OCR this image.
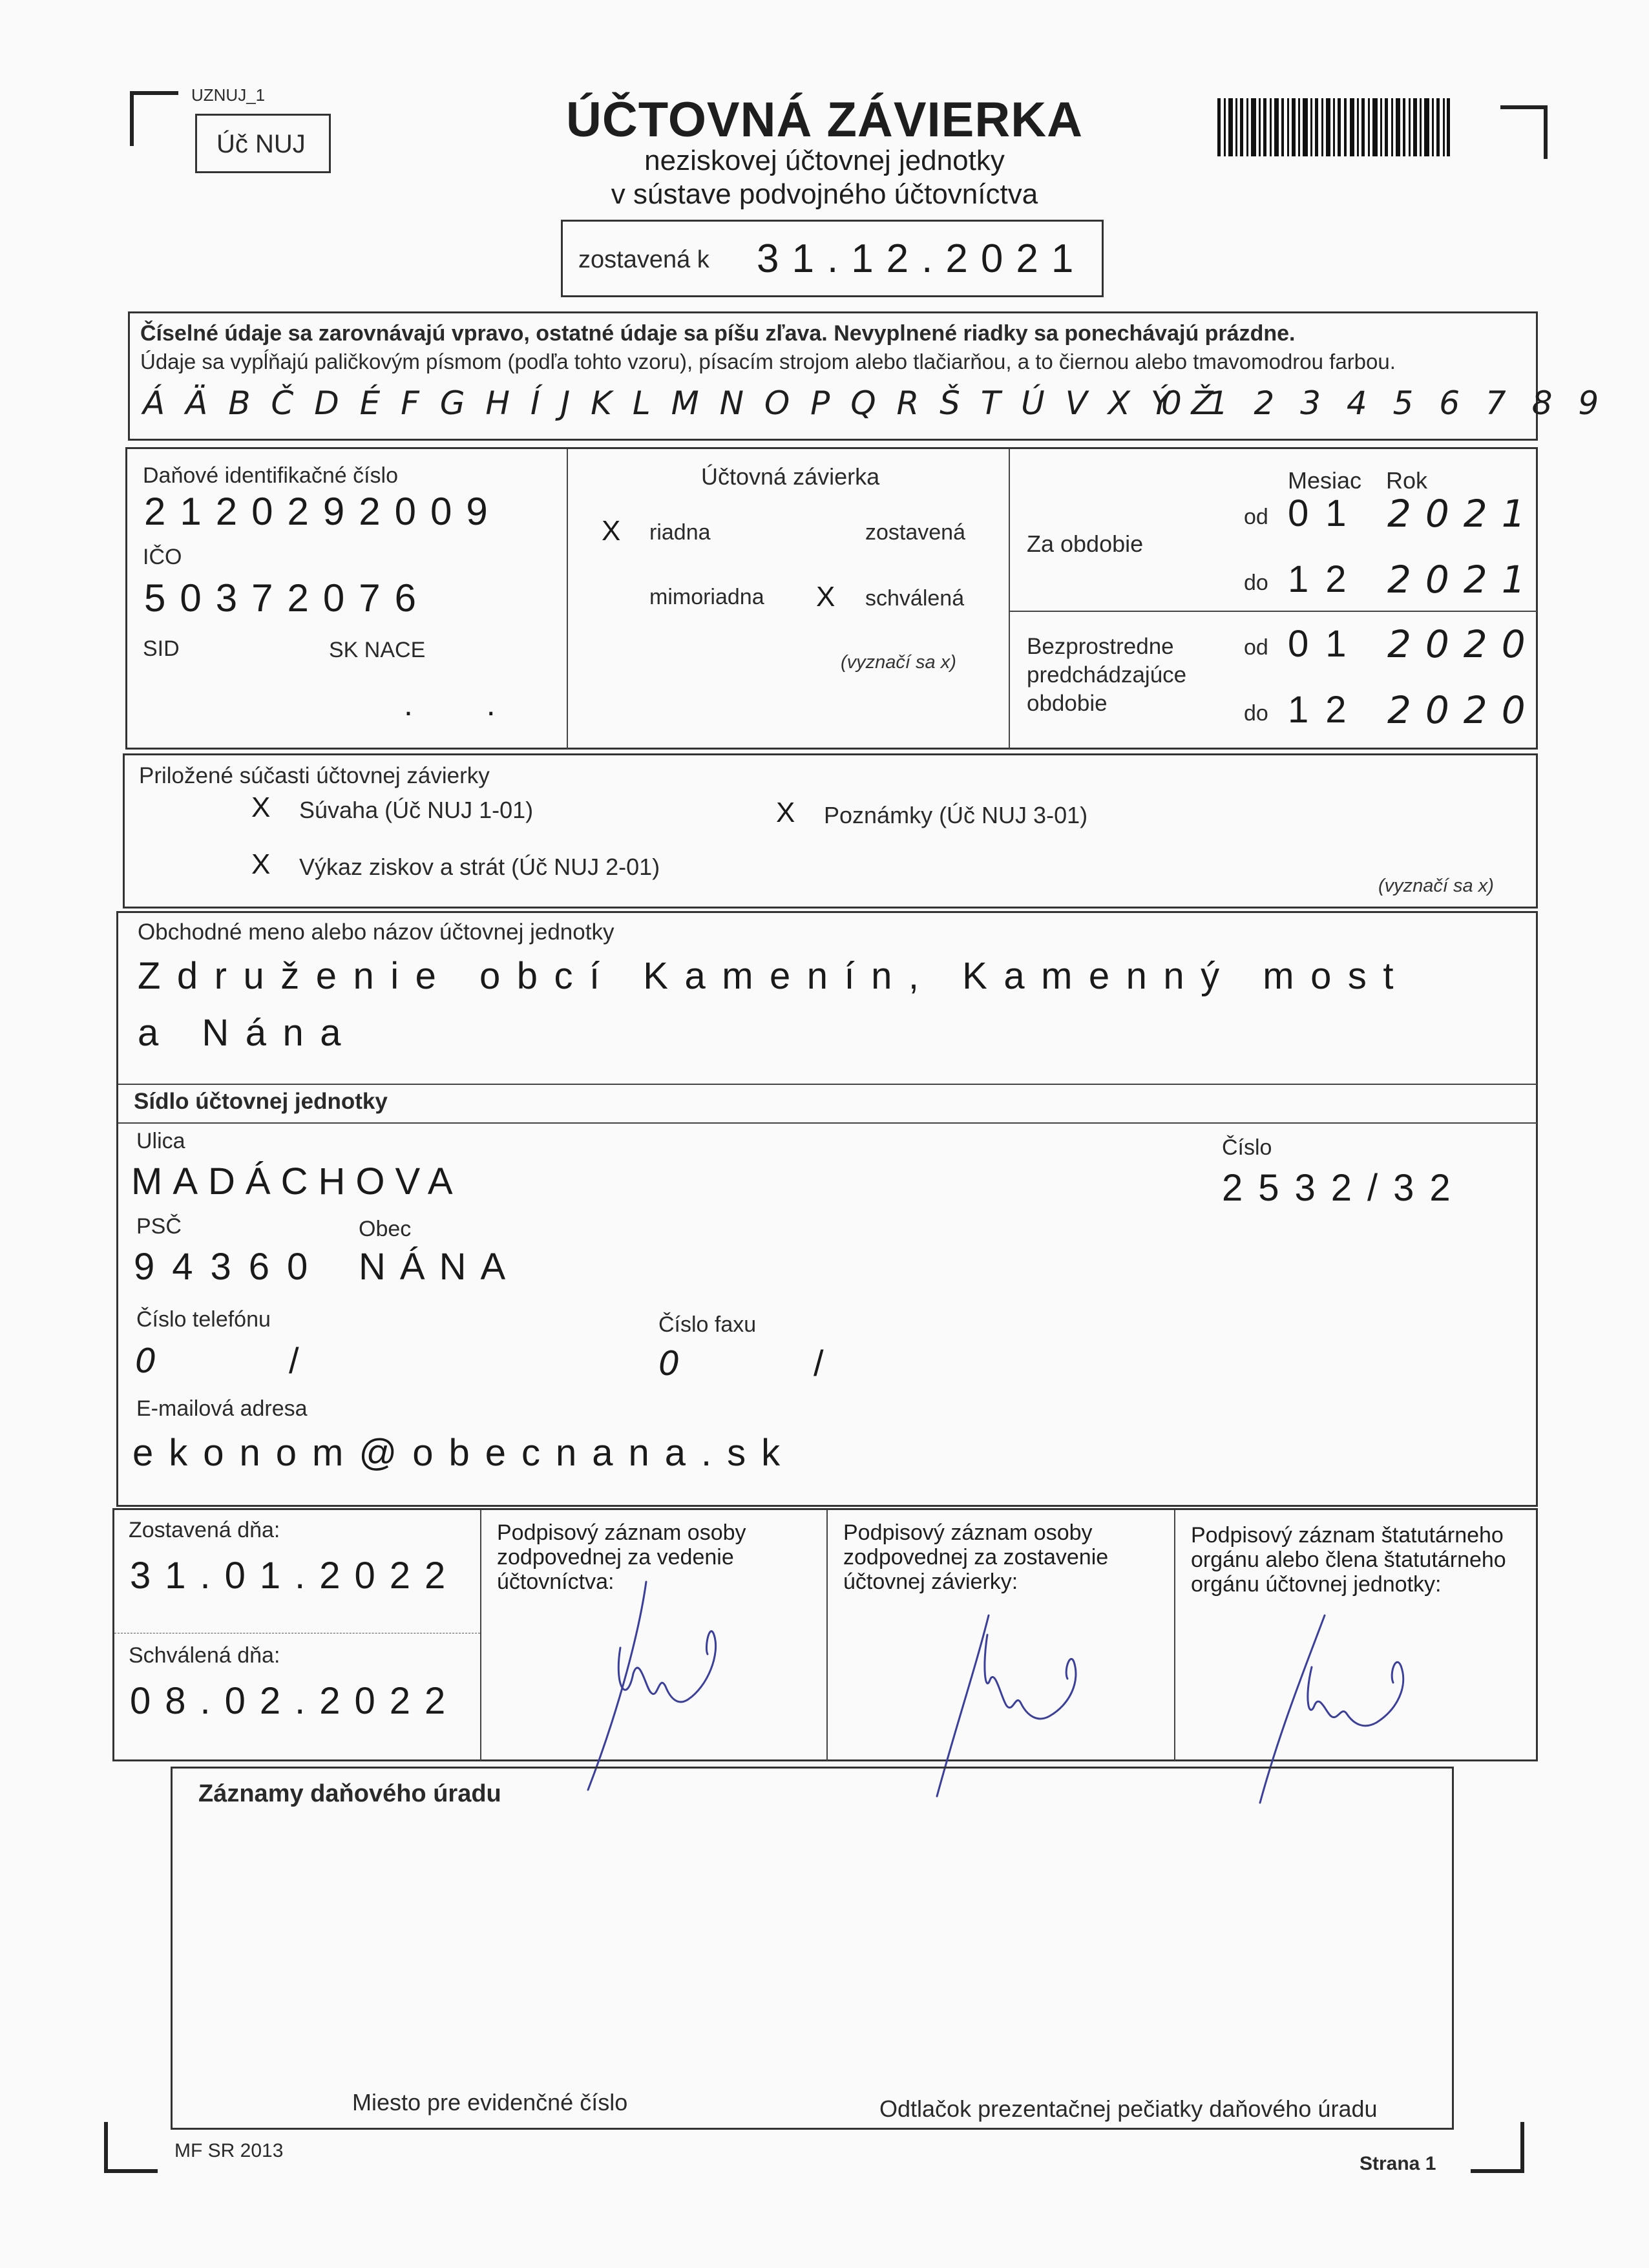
UZNUJ_1
Úč NUJ	ÚČTOVNÁ ZÁVIERKA
neziskovej účtovnej jednotky
v sústave podvojného účtovníctva
zostavená k 31.12.2021
Číselné údaje sa zarovnávajú vpravo, ostatné údaje sa píšu zľava. Nevyplnené riadky sa ponechávajú prázdne.
Údaje sa vypĺňajú paličkovým písmom (podľa tohto vzoru), písacím strojom alebo tlačiarňou, a to čiernou alebo tmavomodrou farbou.
Á Ä B Č D É F G H Í J K L M N O P Q R Š T Ú V X Ý Ž
0 1 2 3 4 5 6 7 8 9
Daňové identifikačné číslo
2120292009
IČO
50372076
SID	SK NACE
. .
Účtovná závierka
X riadna	zostavená
mimoriadna X schválená
(vyznačí sa x)
Mesiac Rok
Za obdobie
od 01 2021
do 12 2021
Bezprostredne
predchádzajúce
obdobie
od 01 2020
do 12 2020
Priložené súčasti účtovnej závierky
X Súvaha (Úč NUJ 1-01)
X Výkaz ziskov a strát (Úč NUJ 2-01)
X Poznámky (Úč NUJ 3-01)
(vyznačí sa x)
Obchodné meno alebo názov účtovnej jednotky
Združenie obcí Kamenín, Kamenný most
a Nána
Sídlo účtovnej jednotky
Ulica
MADÁCHOVA
Číslo
2532/32
PSČ
94360
Obec
NÁNA
Číslo telefónu
0	/
Číslo faxu
0	/
E-mailová adresa
ekonom@obecnana.sk
Zostavená dňa:
31.01.2022
Schválená dňa:
08.02.2022
Podpisový záznam osoby zodpovednej za vedenie účtovníctva:
Podpisový záznam osoby zodpovednej za zostavenie účtovnej závierky:
Podpisový záznam štatutárneho orgánu alebo člena štatutárneho orgánu účtovnej jednotky:
Záznamy daňového úradu
Miesto pre evidenčné číslo	Odtlačok prezentačnej pečiatky daňového úradu
MF SR 2013
Strana 1
